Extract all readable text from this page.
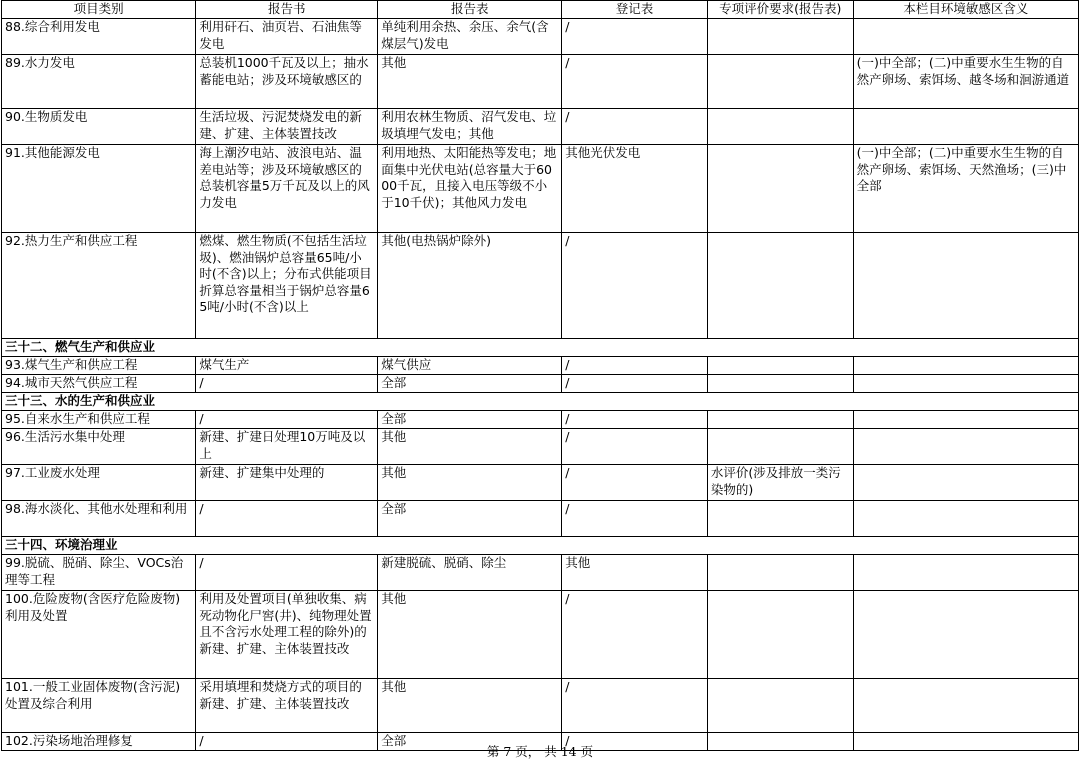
项目类别	报告书	报告表	登记表	专项评价要求(报告表)	本栏目环境敏感区含义
88.综合利用发电	利用矸石、油页岩、石油焦等发电	单纯利用余热、余压、余气(含煤层气)发电	/		
89.水力发电	总装机1000千瓦及以上；抽水蓄能电站；涉及环境敏感区的	其他	/		(一)中全部；(二)中重要水生生物的自然产卵场、索饵场、越冬场和洄游通道
90.生物质发电	生活垃圾、污泥焚烧发电的新建、扩建、主体装置技改	利用农林生物质、沼气发电、垃圾填埋气发电；其他	/		
91.其他能源发电	海上潮汐电站、波浪电站、温差电站等；涉及环境敏感区的总装机容量5万千瓦及以上的风力发电	利用地热、太阳能热等发电；地面集中光伏电站(总容量大于6000千瓦，且接入电压等级不小于10千伏)；其他风力发电	其他光伏发电		(一)中全部；(二)中重要水生生物的自然产卵场、索饵场、天然渔场；(三)中全部
92.热力生产和供应工程	燃煤、燃生物质(不包括生活垃圾)、燃油锅炉总容量65吨/小时(不含)以上；分布式供能项目折算总容量相当于锅炉总容量65吨/小时(不含)以上	其他(电热锅炉除外)	/		
三十二、燃气生产和供应业					
93.煤气生产和供应工程	煤气生产	煤气供应	/		
94.城市天然气供应工程	/	全部	/		
三十三、水的生产和供应业					
95.自来水生产和供应工程	/	全部	/		
96.生活污水集中处理	新建、扩建日处理10万吨及以上	其他	/		
97.工业废水处理	新建、扩建集中处理的	其他	/	水评价(涉及排放一类污染物的)	
98.海水淡化、其他水处理和利用	/	全部	/		
三十四、环境治理业					
99.脱硫、脱硝、除尘、VOCs治理等工程	/	新建脱硫、脱硝、除尘	其他		
100.危险废物(含医疗危险废物)利用及处置	利用及处置项目(单独收集、病死动物化尸窖(井)、纯物理处置且不含污水处理工程的除外)的新建、扩建、主体装置技改	其他	/		
101.一般工业固体废物(含污泥)处置及综合利用	采用填埋和焚烧方式的项目的新建、扩建、主体装置技改	其他	/		
102.污染场地治理修复	/	全部	/		
第 7 页， 共 14 页
